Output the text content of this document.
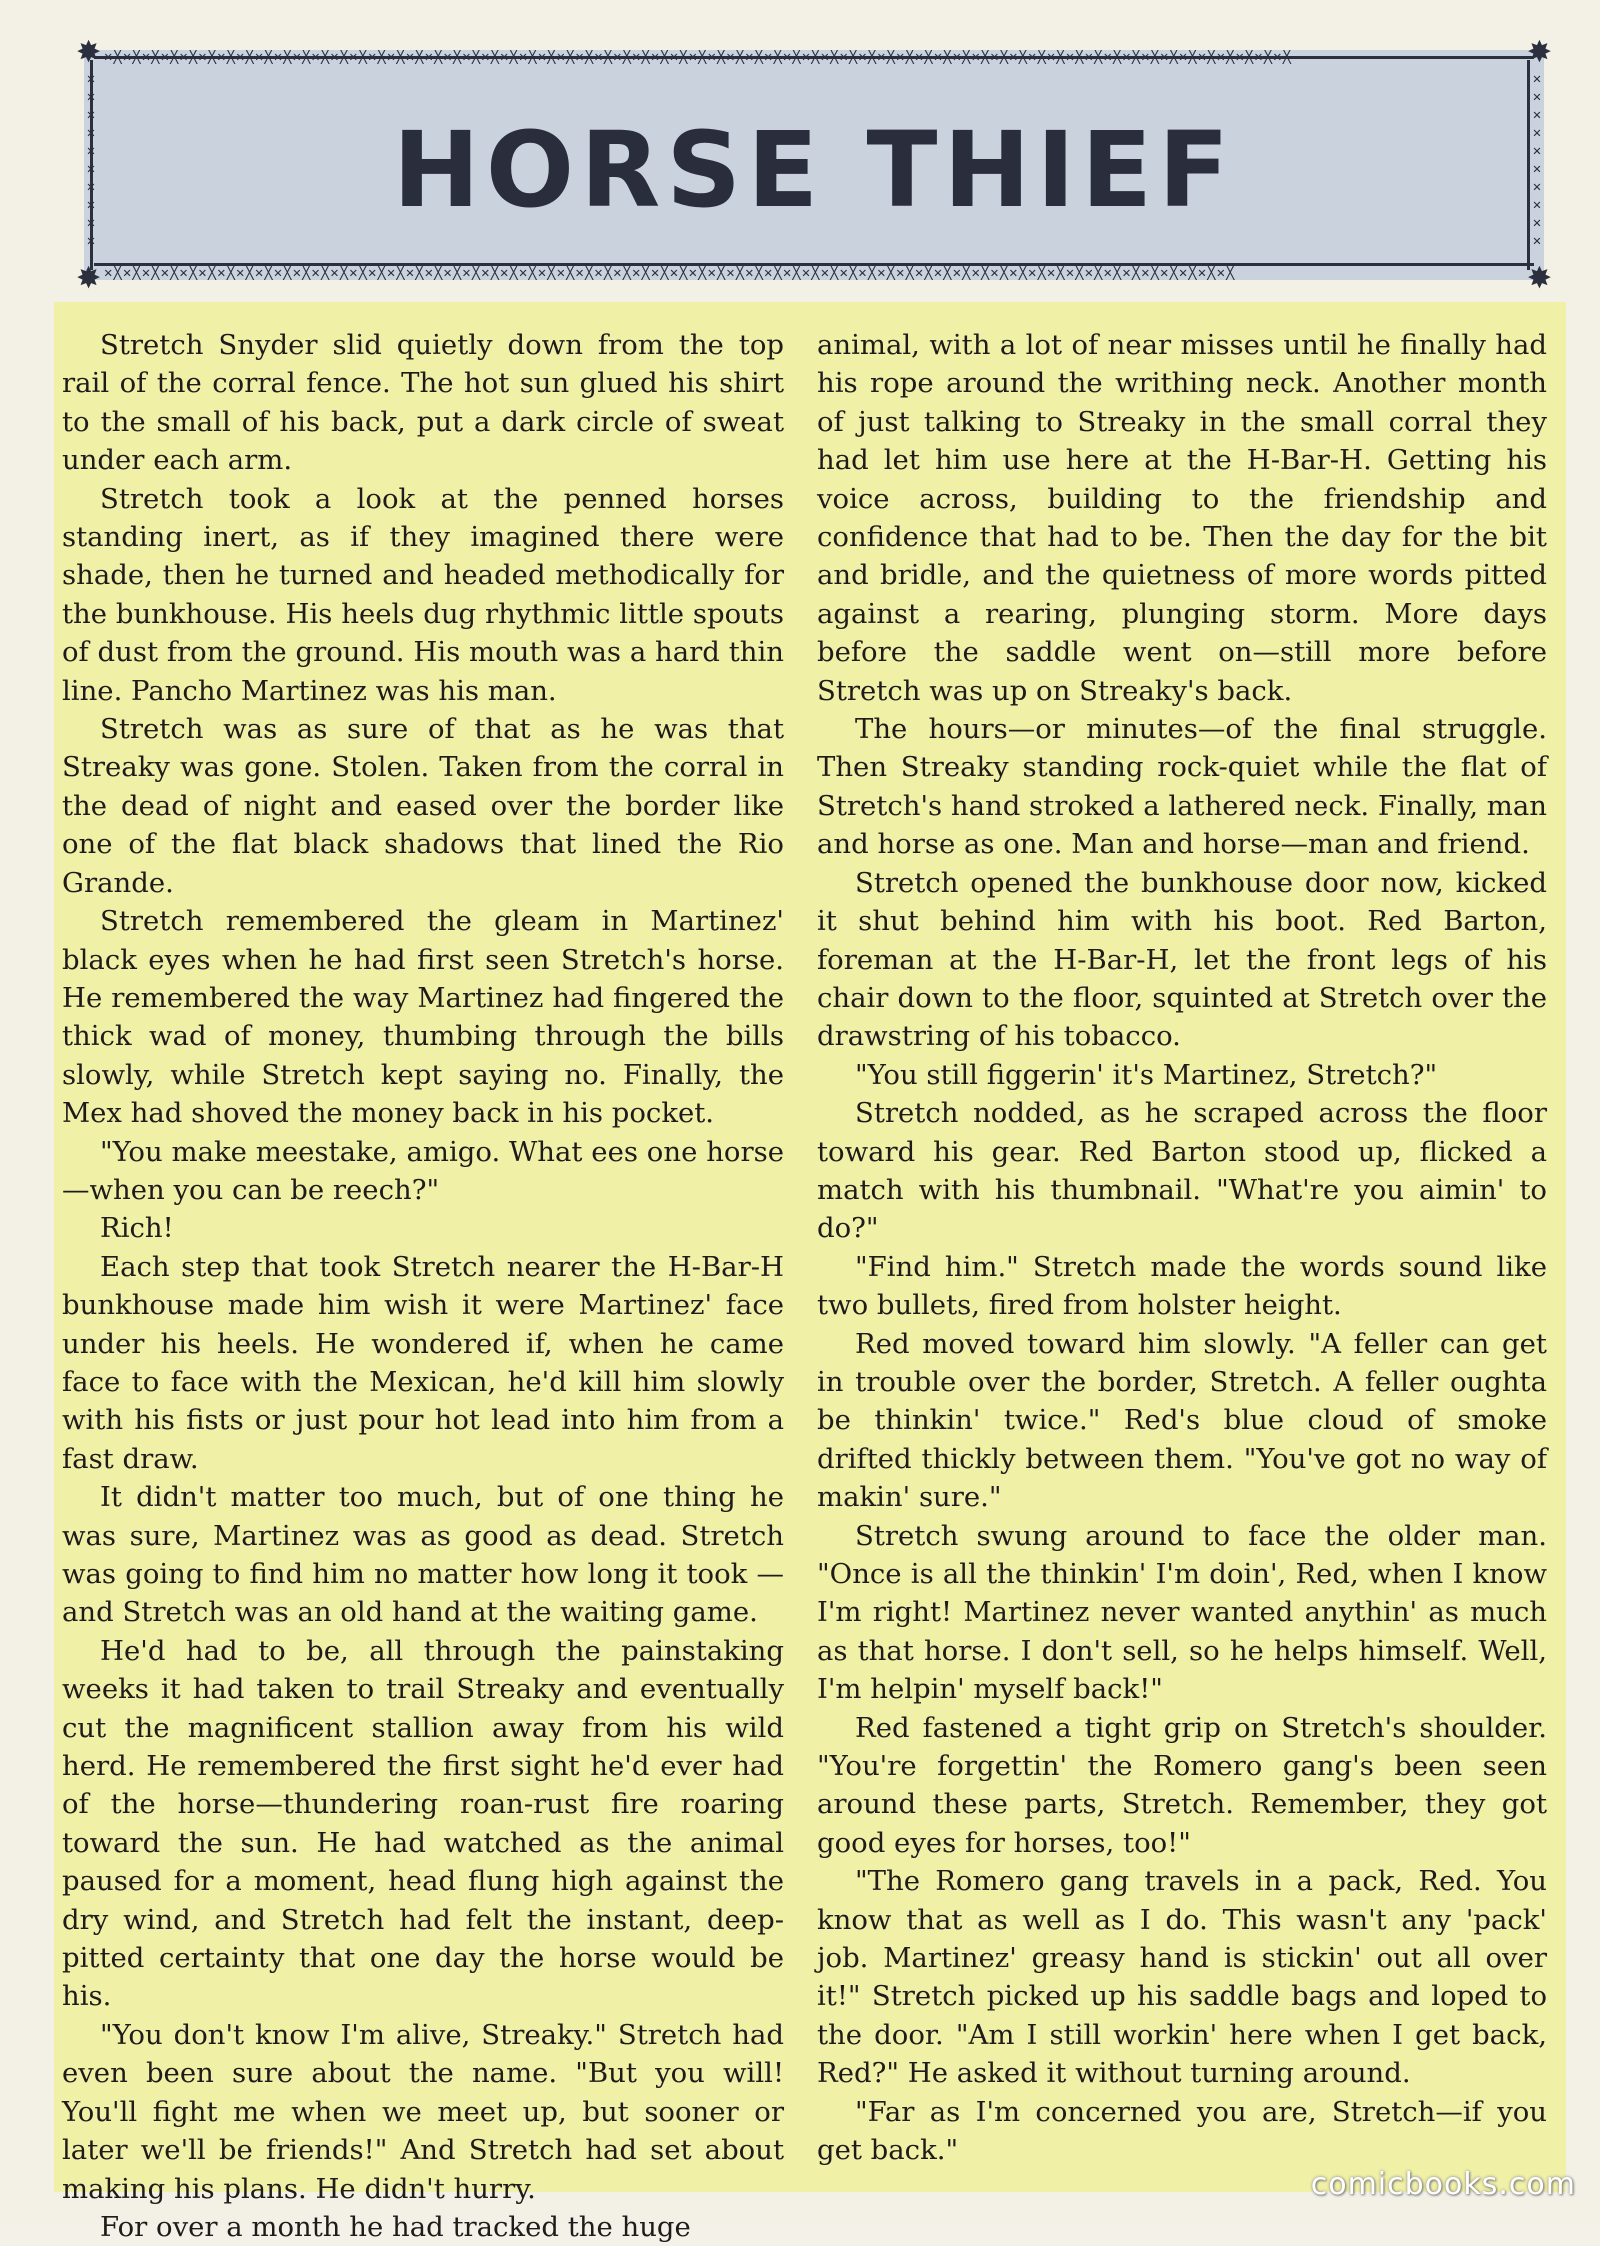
✕╳✕╳✕╳✕╳✕╳✕╳✕╳✕╳✕╳✕╳✕╳✕╳✕╳✕╳✕╳✕╳✕╳✕╳✕╳✕╳✕╳✕╳✕╳✕╳✕╳✕╳✕╳✕╳✕╳✕╳✕╳✕╳✕╳✕╳✕╳✕╳✕╳✕╳✕╳✕╳✕╳✕╳✕╳✕╳✕╳✕╳✕╳✕╳✕╳✕╳✕╳✕╳✕╳✕╳✕╳✕╳✕╳✕╳✕╳✕╳✕╳✕╳✕╳
✕╳✕╳✕╳✕╳✕╳✕╳✕╳✕╳✕╳✕╳✕╳✕╳✕╳✕╳✕╳✕╳✕╳✕╳✕╳✕╳✕╳✕╳✕╳✕╳✕╳✕╳✕╳✕╳✕╳✕╳✕╳✕╳✕╳✕╳✕╳✕╳✕╳✕╳✕╳✕╳✕╳✕╳✕╳✕╳✕╳✕╳✕╳✕╳✕╳✕╳✕╳✕╳✕╳✕╳✕╳✕╳✕╳✕╳✕╳✕╳
✕
✕
✕
✕
✕
✕
✕
✕
✕
✕
✕
✕
✕
✕
✕
✕
✕
✕
✕
✕
✸	✸
✸	✸
HORSE THIEF

Stretch Snyder slid quietly down from the top rail of the corral fence. The hot sun glued his shirt to the small of his back, put a dark circle of sweat under each arm.

Stretch took a look at the penned horses standing inert, as if they imagined there were shade, then he turned and headed methodically for the bunkhouse. His heels dug rhythmic little spouts of dust from the ground. His mouth was a hard thin line. Pancho Martinez was his man.

Stretch was as sure of that as he was that Streaky was gone. Stolen. Taken from the corral in the dead of night and eased over the border like one of the flat black shadows that lined the Rio Grande.

Stretch remembered the gleam in Martinez' black eyes when he had first seen Stretch's horse. He remembered the way Martinez had fingered the thick wad of money, thumbing through the bills slowly, while Stretch kept saying no. Finally, the Mex had shoved the money back in his pocket.

"You make meestake, amigo. What ees one horse—when you can be reech?"

Rich!

Each step that took Stretch nearer the H-Bar-H bunkhouse made him wish it were Martinez' face under his heels. He wondered if, when he came face to face with the Mexican, he'd kill him slowly with his fists or just pour hot lead into him from a fast draw.

It didn't matter too much, but of one thing he was sure, Martinez was as good as dead. Stretch was going to find him no matter how long it took —and Stretch was an old hand at the waiting game.

He'd had to be, all through the painstaking weeks it had taken to trail Streaky and eventually cut the magnificent stallion away from his wild herd. He remembered the first sight he'd ever had of the horse—thundering roan-rust fire roaring toward the sun. He had watched as the animal paused for a moment, head flung high against the dry wind, and Stretch had felt the instant, deep-pitted certainty that one day the horse would be his.

"You don't know I'm alive, Streaky." Stretch had even been sure about the name. "But you will! You'll fight me when we meet up, but sooner or later we'll be friends!" And Stretch had set about making his plans. He didn't hurry.

For over a month he had tracked the huge

animal, with a lot of near misses until he finally had his rope around the writhing neck. Another month of just talking to Streaky in the small corral they had let him use here at the H-Bar-H. Getting his voice across, building to the friendship and confidence that had to be. Then the day for the bit and bridle, and the quietness of more words pitted against a rearing, plunging storm. More days before the saddle went on—still more before Stretch was up on Streaky's back.

The hours—or minutes—of the final struggle. Then Streaky standing rock-quiet while the flat of Stretch's hand stroked a lathered neck. Finally, man and horse as one. Man and horse—man and friend.

Stretch opened the bunkhouse door now, kicked it shut behind him with his boot. Red Barton, foreman at the H-Bar-H, let the front legs of his chair down to the floor, squinted at Stretch over the drawstring of his tobacco.

"You still figgerin' it's Martinez, Stretch?"

Stretch nodded, as he scraped across the floor toward his gear. Red Barton stood up, flicked a match with his thumbnail. "What're you aimin' to do?"

"Find him." Stretch made the words sound like two bullets, fired from holster height.

Red moved toward him slowly. "A feller can get in trouble over the border, Stretch. A feller oughta be thinkin' twice." Red's blue cloud of smoke drifted thickly between them. "You've got no way of makin' sure."

Stretch swung around to face the older man. "Once is all the thinkin' I'm doin', Red, when I know I'm right! Martinez never wanted anythin' as much as that horse. I don't sell, so he helps himself. Well, I'm helpin' myself back!"

Red fastened a tight grip on Stretch's shoulder. "You're forgettin' the Romero gang's been seen around these parts, Stretch. Remember, they got good eyes for horses, too!"

"The Romero gang travels in a pack, Red. You know that as well as I do. This wasn't any 'pack' job. Martinez' greasy hand is stickin' out all over it!" Stretch picked up his saddle bags and loped to the door. "Am I still workin' here when I get back, Red?" He asked it without turning around.

"Far as I'm concerned you are, Stretch—if you get back."

comicbooks.com
